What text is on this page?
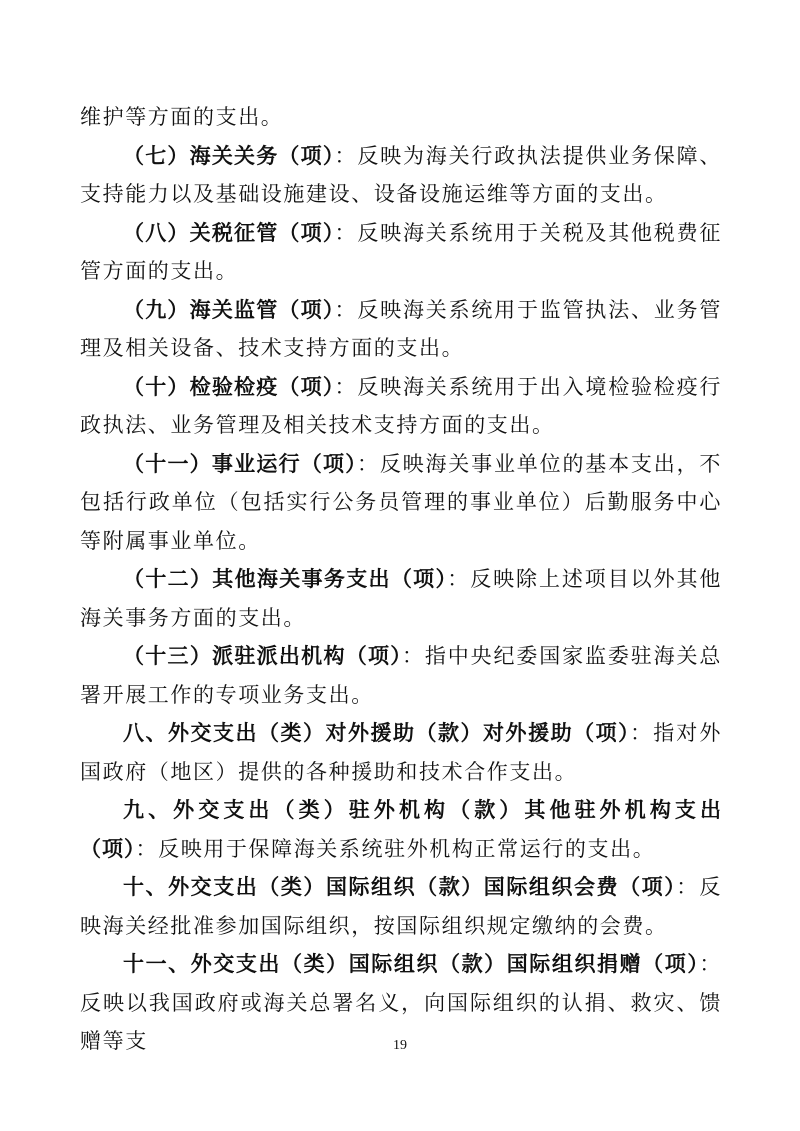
维护等方面的支出。

（七）海关关务（项）：反映为海关行政执法提供业务保障、支持能力以及基础设施建设、设备设施运维等方面的支出。

（八）关税征管（项）：反映海关系统用于关税及其他税费征管方面的支出。

（九）海关监管（项）：反映海关系统用于监管执法、业务管理及相关设备、技术支持方面的支出。

（十）检验检疫（项）：反映海关系统用于出入境检验检疫行政执法、业务管理及相关技术支持方面的支出。

（十一）事业运行（项）：反映海关事业单位的基本支出，不包括行政单位（包括实行公务员管理的事业单位）后勤服务中心等附属事业单位。

（十二）其他海关事务支出（项）：反映除上述项目以外其他海关事务方面的支出。

（十三）派驻派出机构（项）：指中央纪委国家监委驻海关总署开展工作的专项业务支出。

八、外交支出（类）对外援助（款）对外援助（项）：指对外国政府（地区）提供的各种援助和技术合作支出。

九、外交支出（类）驻外机构（款）其他驻外机构支出（项）：反映用于保障海关系统驻外机构正常运行的支出。

十、外交支出（类）国际组织（款）国际组织会费（项）：反映海关经批准参加国际组织，按国际组织规定缴纳的会费。

十一、外交支出（类）国际组织（款）国际组织捐赠（项）：反映以我国政府或海关总署名义，向国际组织的认捐、救灾、馈赠等支	19
